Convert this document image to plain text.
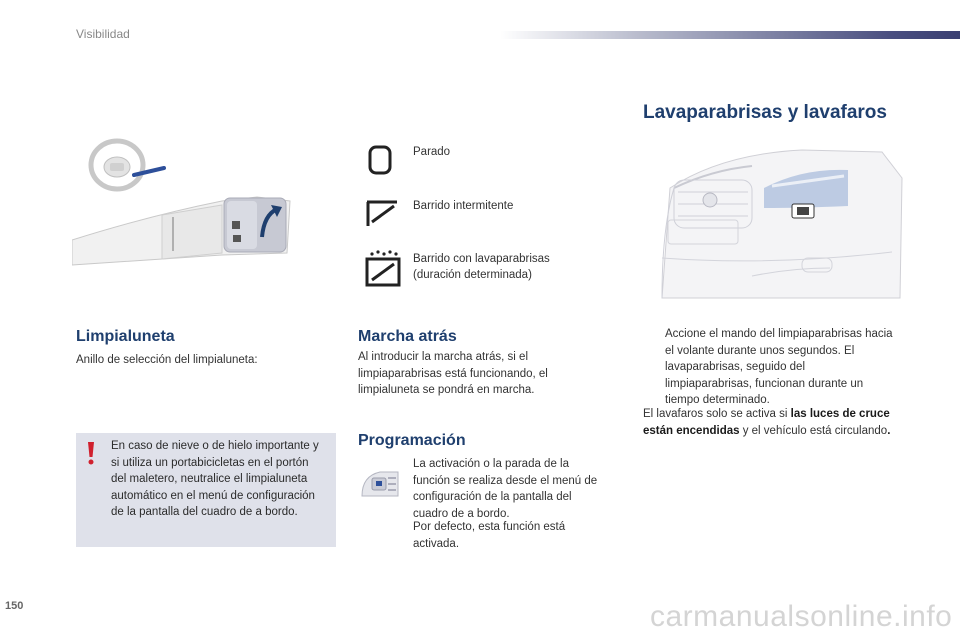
Visibilidad
Parado
Barrido intermitente
Barrido con lavaparabrisas (duración determinada)
Limpialuneta
Anillo de selección del limpialuneta:
En caso de nieve o de hielo importante y si utiliza un portabicicletas en el portón del maletero, neutralice el limpialuneta automático en el menú de configuración de la pantalla del cuadro de a bordo.
Marcha atrás
Al introducir la marcha atrás, si el limpiaparabrisas está funcionando, el limpialuneta se pondrá en marcha.
Programación
La activación o la parada de la función se realiza desde el menú de configuración de la pantalla del cuadro de a bordo.
Por defecto, esta función está activada.
Lavaparabrisas y lavafaros
Accione el mando del limpiaparabrisas hacia el volante durante unos segundos. El lavaparabrisas, seguido del limpiaparabrisas, funcionan durante un tiempo determinado.
El lavafaros solo se activa si las luces de cruce están encendidas y el vehículo está circulando.
150	carmanualsonline.info
